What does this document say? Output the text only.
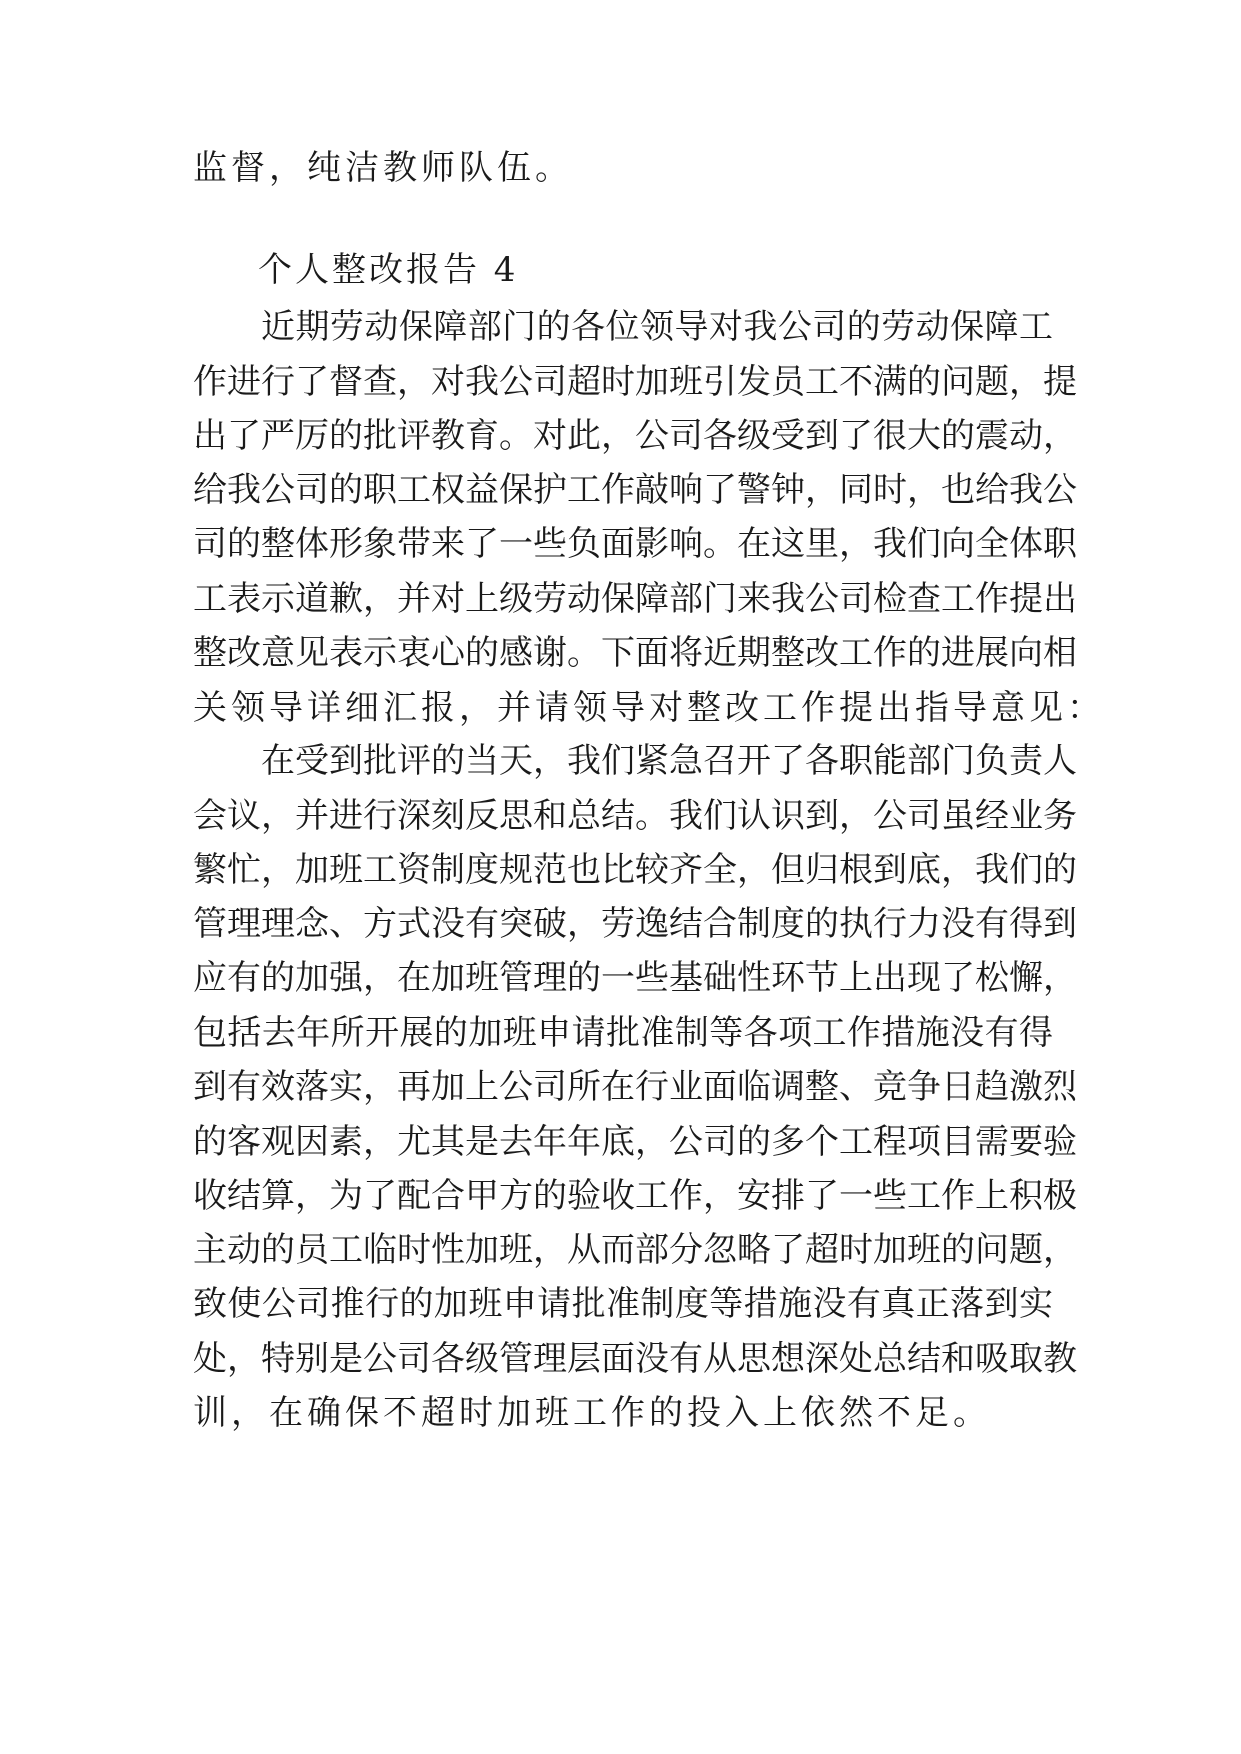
监督，纯洁教师队伍。
个人整改报告 4
近期劳动保障部门的各位领导对我公司的劳动保障工
作进行了督查，对我公司超时加班引发员工不满的问题，提
出了严厉的批评教育。对此，公司各级受到了很大的震动，
给我公司的职工权益保护工作敲响了警钟，同时，也给我公
司的整体形象带来了一些负面影响。在这里，我们向全体职
工表示道歉，并对上级劳动保障部门来我公司检查工作提出
整改意见表示衷心的感谢。下面将近期整改工作的进展向相
关领导详细汇报，并请领导对整改工作提出指导意见：
在受到批评的当天，我们紧急召开了各职能部门负责人
会议，并进行深刻反思和总结。我们认识到，公司虽经业务
繁忙，加班工资制度规范也比较齐全，但归根到底，我们的
管理理念、方式没有突破，劳逸结合制度的执行力没有得到
应有的加强，在加班管理的一些基础性环节上出现了松懈，
包括去年所开展的加班申请批准制等各项工作措施没有得
到有效落实，再加上公司所在行业面临调整、竞争日趋激烈
的客观因素，尤其是去年年底，公司的多个工程项目需要验
收结算，为了配合甲方的验收工作，安排了一些工作上积极
主动的员工临时性加班，从而部分忽略了超时加班的问题，
致使公司推行的加班申请批准制度等措施没有真正落到实
处，特别是公司各级管理层面没有从思想深处总结和吸取教
训，在确保不超时加班工作的投入上依然不足。
